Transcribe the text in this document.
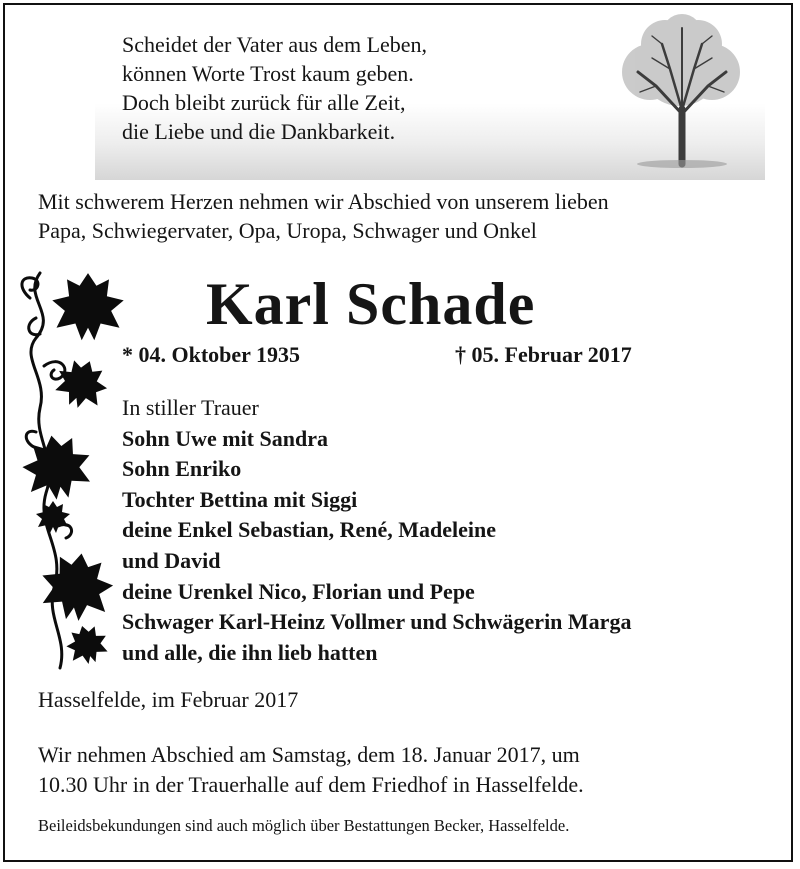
Scheidet der Vater aus dem Leben,
können Worte Trost kaum geben.
Doch bleibt zurück für alle Zeit,
die Liebe und die Dankbarkeit.
Mit schwerem Herzen nehmen wir Abschied von unserem lieben
Papa, Schwiegervater, Opa, Uropa, Schwager und Onkel
Karl Schade
* 04. Oktober 1935	† 05. Februar 2017
In stiller Trauer
Sohn Uwe mit Sandra
Sohn Enriko
Tochter Bettina mit Siggi
deine Enkel Sebastian, René, Madeleine
und David
deine Urenkel Nico, Florian und Pepe
Schwager Karl-Heinz Vollmer und Schwägerin Marga
und alle, die ihn lieb hatten
Hasselfelde, im Februar 2017
Wir nehmen Abschied am Samstag, dem 18. Januar 2017, um
10.30 Uhr in der Trauerhalle auf dem Friedhof in Hasselfelde.
Beileidsbekundungen sind auch möglich über Bestattungen Becker, Hasselfelde.
